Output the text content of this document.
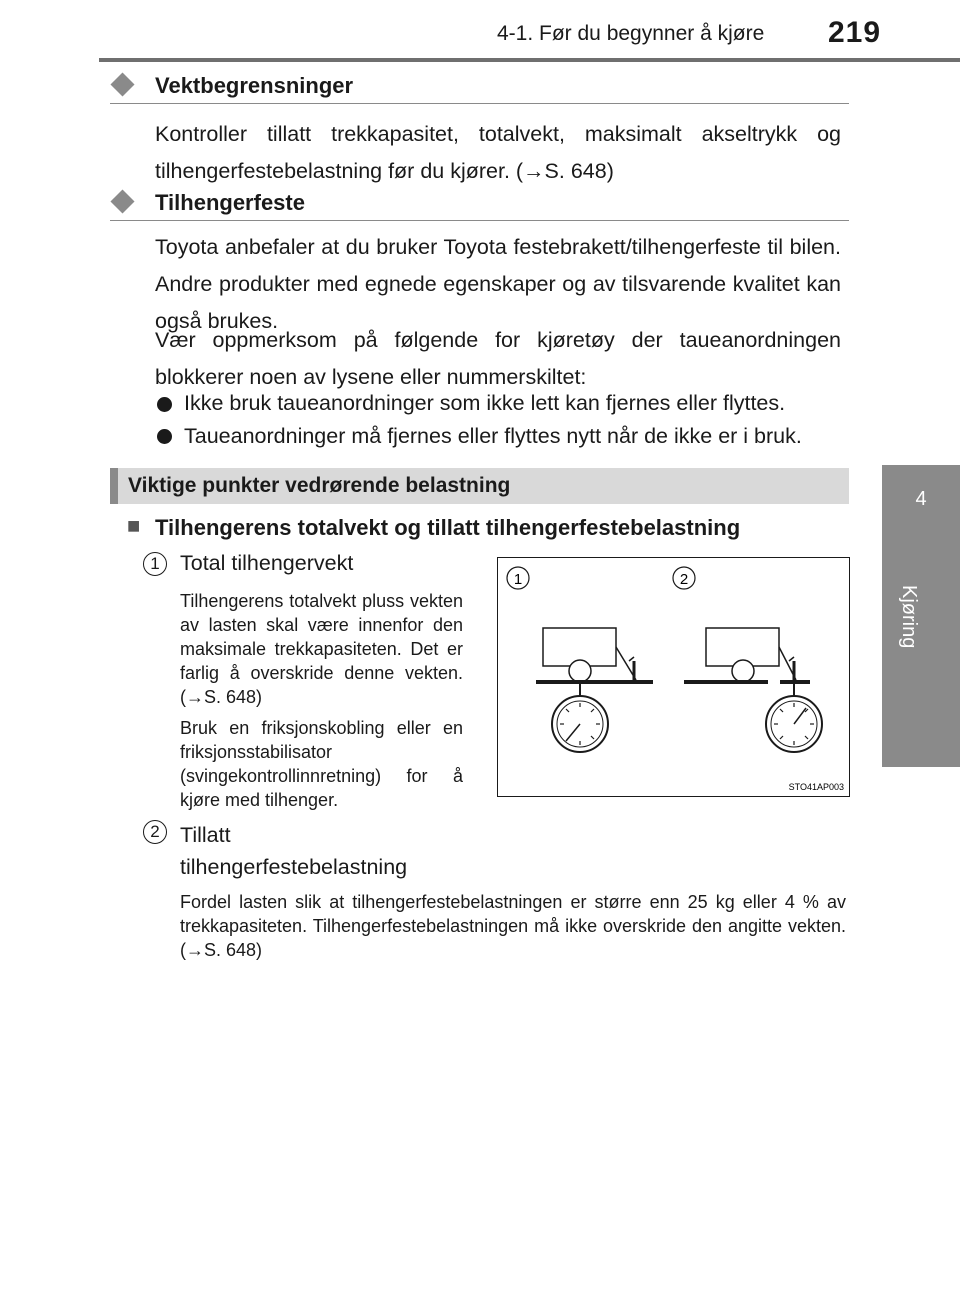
4-1. Før du begynner å kjøre 219
4
Kjøring
Vektbegrensninger
Kontroller tillatt trekkapasitet, totalvekt, maksimalt akseltrykk og tilhengerfestebelastning før du kjører. (→S. 648)
Tilhengerfeste
Toyota anbefaler at du bruker Toyota festebrakett/tilhengerfeste til bilen. Andre produkter med egnede egenskaper og av tilsvarende kvalitet kan også brukes.
Vær oppmerksom på følgende for kjøretøy der taueanordningen blokkerer noen av lysene eller nummerskiltet:
Ikke bruk taueanordninger som ikke lett kan fjernes eller flyttes.
Taueanordninger må fjernes eller flyttes nytt når de ikke er i bruk.
Viktige punkter vedrørende belastning
■ Tilhengerens totalvekt og tillatt tilhengerfestebelastning
1 Total tilhengervekt
Tilhengerens totalvekt pluss vekten av lasten skal være innenfor den maksimale trekkapasiteten. Det er farlig å overskride denne vekten. (→S. 648)
Bruk en friksjonskobling eller en friksjonsstabilisator (svingekontrollinnretning) for å kjøre med tilhenger.
2 Tillatt tilhengerfestebelastning
Fordel lasten slik at tilhengerfestebelastningen er større enn 25 kg eller 4 % av trekkapasiteten. Tilhengerfestebelastningen må ikke overskride den angitte vekten. (→S. 648)
1	2
STO41AP003
